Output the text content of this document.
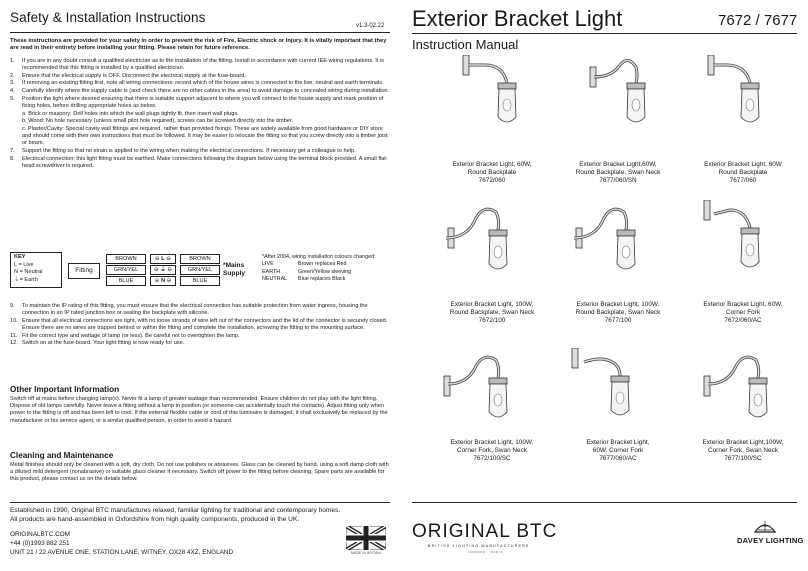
Safety & Installation Instructions
v1.3-02.22
These instructions are provided for your safety in order to prevent the risk of Fire, Electric shock or Injury. It is vitally important that they are read in their entirety before installing your fitting. Please retain for future reference.
1.	If you are in any doubt consult a qualified electrician as to the installation of the fitting. Install in accordance with current IEE wiring regulations. It is recommended that this fitting is installed by a qualified electrician.
2.	Ensure that the electrical supply is OFF. Disconnect the electrical supply at the fuse-board.
3.	If removing an existing fitting first, note all wiring connections: record which of the house wires is connected to the live, neutral and earth terminals.
4.	Carefully identify where the supply cable is (and check there are no other cables in the area) to avoid damage to concealed wiring during installation.
5.	Position the light where desired ensuring that there is suitable support adjacent to where you will connect to the house supply and mark position of fixing holes, before drilling appropriate holes as below.
a. Brick or masonry: Drill holes into which the wall plugs tightly fit, then insert wall plugs.
b. Wood: No hole necessary (unless small pilot hole required), screws can be screwed directly into the timber.
c. Plaster/Cavity: Special cavity wall fittings are required, rather than provided fixings. These are widely available from good hardware or DIY store and should come with their own instructions that must be followed. It may be easier to relocate the fitting so that you screw directly into a timber joist or beam.
7.	Support the fitting so that no strain is applied to the wiring when making the electrical connections. If necessary get a colleague to help.
8.	Electrical connection: this light fitting must be earthed. Make connections following the diagram below using the terminal block provided. A small flat-head screwdriver is required.
KEY
L = Live
N = Neutral
⏚= Earth
Fitting
BROWN
GRN/YEL
BLUE
⊖ L ⊖
⊖ ⏚ ⊖
⊖ N ⊖
BROWN
GRN/YEL
BLUE
*Mains Supply
*After 2004, wiring installation colours changed:
LIVE	Brown replaces Red
EARTH	Green/Yellow sleeving
NEUTRAL	Blue replaces Black
9.	To maintain the IP rating of this fitting, you must ensure that the electrical connection has suitable protection from water ingress, housing the connection in an IP rated junction box or sealing the backplate with silicone.
10. Ensure that all electrical connections are tight, with no loose strands of wire left out of the connectors and the lid of the connector is securely closed. Ensure there are no wires are trapped behind or within the fitting and complete the installation, screwing the fitting to the mounting surface.
11. Fit the correct type and wattage of lamp (or less). Be careful not to overtighten the lamp.
12. Switch on at the fuse-board. Your light fitting is now ready for use.
Other Important Information
Switch off at mains before changing lamp(s). Never fit a lamp of greater wattage than recommended. Ensure children do not play with the light fitting. Dispose of old lamps carefully. Never leave a fitting without a lamp in position (or someone can accidentally touch the contacts). Adjust fitting only when power to the fitting is off and has been left to cool. If the external flexible cable or cord of this luminaire is damaged, it shall exclusively be replaced by the manufacturer or his service agent, or a similar qualified person, in order to avoid a hazard.
Cleaning and Maintenance
Metal finishes should only be cleaned with a soft, dry cloth. Do not use polishes or abrasives. Glass can be cleaned by hand, using a soft damp cloth with a diluted mild detergent (nonabrasive) or suitable glass cleaner if necessary. Switch off power to the fitting before cleaning. Spare parts are available for this product, please contact us on the details below.
Established in 1990, Original BTC manufactures relaxed, familiar lighting for traditional and contemporary homes.
All products are hand-assembled in Oxfordshire from high quality components, produced in the UK.
ORIGINALBTC.COM
+44 (0)1993 882 251
UNIT 21 / 22 AVENUE ONE, STATION LANE, WITNEY, OX28 4XZ, ENGLAND	MADE IN BRITAIN
Exterior Bracket Light	7672 / 7677
Instruction Manual
Exterior Bracket Light, 60W,
Round Backplate
7672/060
Exterior Bracket Light,60W,
Round Backplate, Swan Neck
7677/060/SN
Exterior Bracket Light, 60W
Round Backplate
7677/060
Exterior Bracket Light, 100W,
Round Backplate, Swan Neck
7672/100
Exterior Bracket Light, 100W,
Round Backplate, Swan Neck
7677/100
Exterior Bracket Light, 60W,
Corner Fork
7672/060/AC
Exterior Bracket Light, 100W,
Corner Fork, Swan Neck
7672/100/SC
Exterior Bracket Light,
60W, Corner Fork
7677/060/AC
Exterior Bracket Light,100W,
Corner Fork, Swan Neck
7677/100/SC
ORIGINAL BTC
BRITISH LIGHTING MANUFACTURERS
LONDON · PARIS
DAVEY LIGHTING
